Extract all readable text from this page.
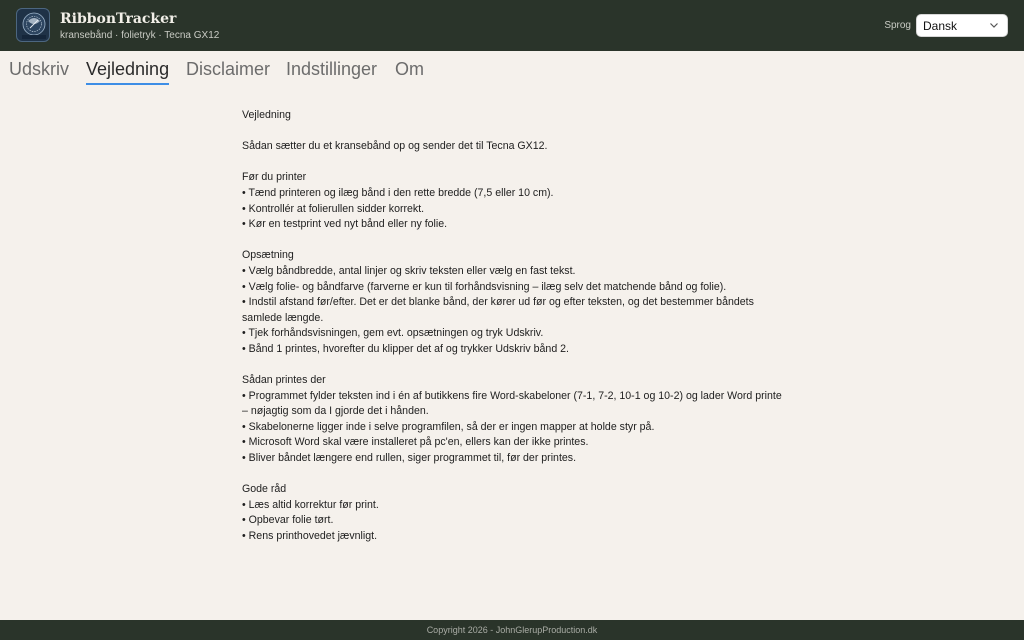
RibbonTracker
kransebånd · folietryk · Tecna GX12
Sprog Dansk
Udskriv Vejledning Disclaimer Indstillinger Om
Vejledning

Sådan sætter du et kransebånd op og sender det til Tecna GX12.

Før du printer

• Tænd printeren og ilæg bånd i den rette bredde (7,5 eller 10 cm).

• Kontrollér at folierullen sidder korrekt.

• Kør en testprint ved nyt bånd eller ny folie.

Opsætning

• Vælg båndbredde, antal linjer og skriv teksten eller vælg en fast tekst.

• Vælg folie- og båndfarve (farverne er kun til forhåndsvisning – ilæg selv det matchende bånd og folie).

• Indstil afstand før/efter. Det er det blanke bånd, der kører ud før og efter teksten, og det bestemmer båndets samlede længde.

• Tjek forhåndsvisningen, gem evt. opsætningen og tryk Udskriv.

• Bånd 1 printes, hvorefter du klipper det af og trykker Udskriv bånd 2.

Sådan printes der

• Programmet fylder teksten ind i én af butikkens fire Word-skabeloner (7-1, 7-2, 10-1 og 10-2) og lader Word printe – nøjagtig som da I gjorde det i hånden.

• Skabelonerne ligger inde i selve programfilen, så der er ingen mapper at holde styr på.

• Microsoft Word skal være installeret på pc'en, ellers kan der ikke printes.

• Bliver båndet længere end rullen, siger programmet til, før der printes.

Gode råd

• Læs altid korrektur før print.

• Opbevar folie tørt.

• Rens printhovedet jævnligt.

Copyright 2026 - JohnGlerupProduction.dk
